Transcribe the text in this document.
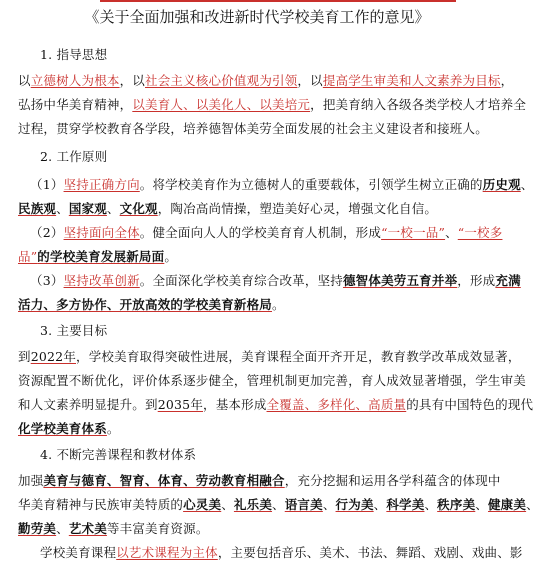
《关于全面加强和改进新时代学校美育工作的意见》
1. 指导思想
以立德树人为根本，以社会主义核心价值观为引领，以提高学生审美和人文素养为目标，
弘扬中华美育精神，以美育人、以美化人、以美培元，把美育纳入各级各类学校人才培养全
过程，贯穿学校教育各学段，培养德智体美劳全面发展的社会主义建设者和接班人。
2. 工作原则
（1）坚持正确方向。将学校美育作为立德树人的重要载体，引领学生树立正确的历史观、
民族观、国家观、文化观，陶冶高尚情操，塑造美好心灵，增强文化自信。
（2）坚持面向全体。健全面向人人的学校美育育人机制，形成“一校一品”、“一校多
品”的学校美育发展新局面。
（3）坚持改革创新。全面深化学校美育综合改革，坚持德智体美劳五育并举，形成充满
活力、多方协作、开放高效的学校美育新格局。
3. 主要目标
到2022年，学校美育取得突破性进展，美育课程全面开齐开足，教育教学改革成效显著，
资源配置不断优化，评价体系逐步健全，管理机制更加完善，育人成效显著增强，学生审美
和人文素养明显提升。到2035年，基本形成全覆盖、多样化、高质量的具有中国特色的现代
化学校美育体系。
4. 不断完善课程和教材体系
加强美育与德育、智育、体育、劳动教育相融合，充分挖掘和运用各学科蕴含的体现中
华美育精神与民族审美特质的心灵美、礼乐美、语言美、行为美、科学美、秩序美、健康美、
勤劳美、艺术美等丰富美育资源。
学校美育课程以艺术课程为主体，主要包括音乐、美术、书法、舞蹈、戏剧、戏曲、影
